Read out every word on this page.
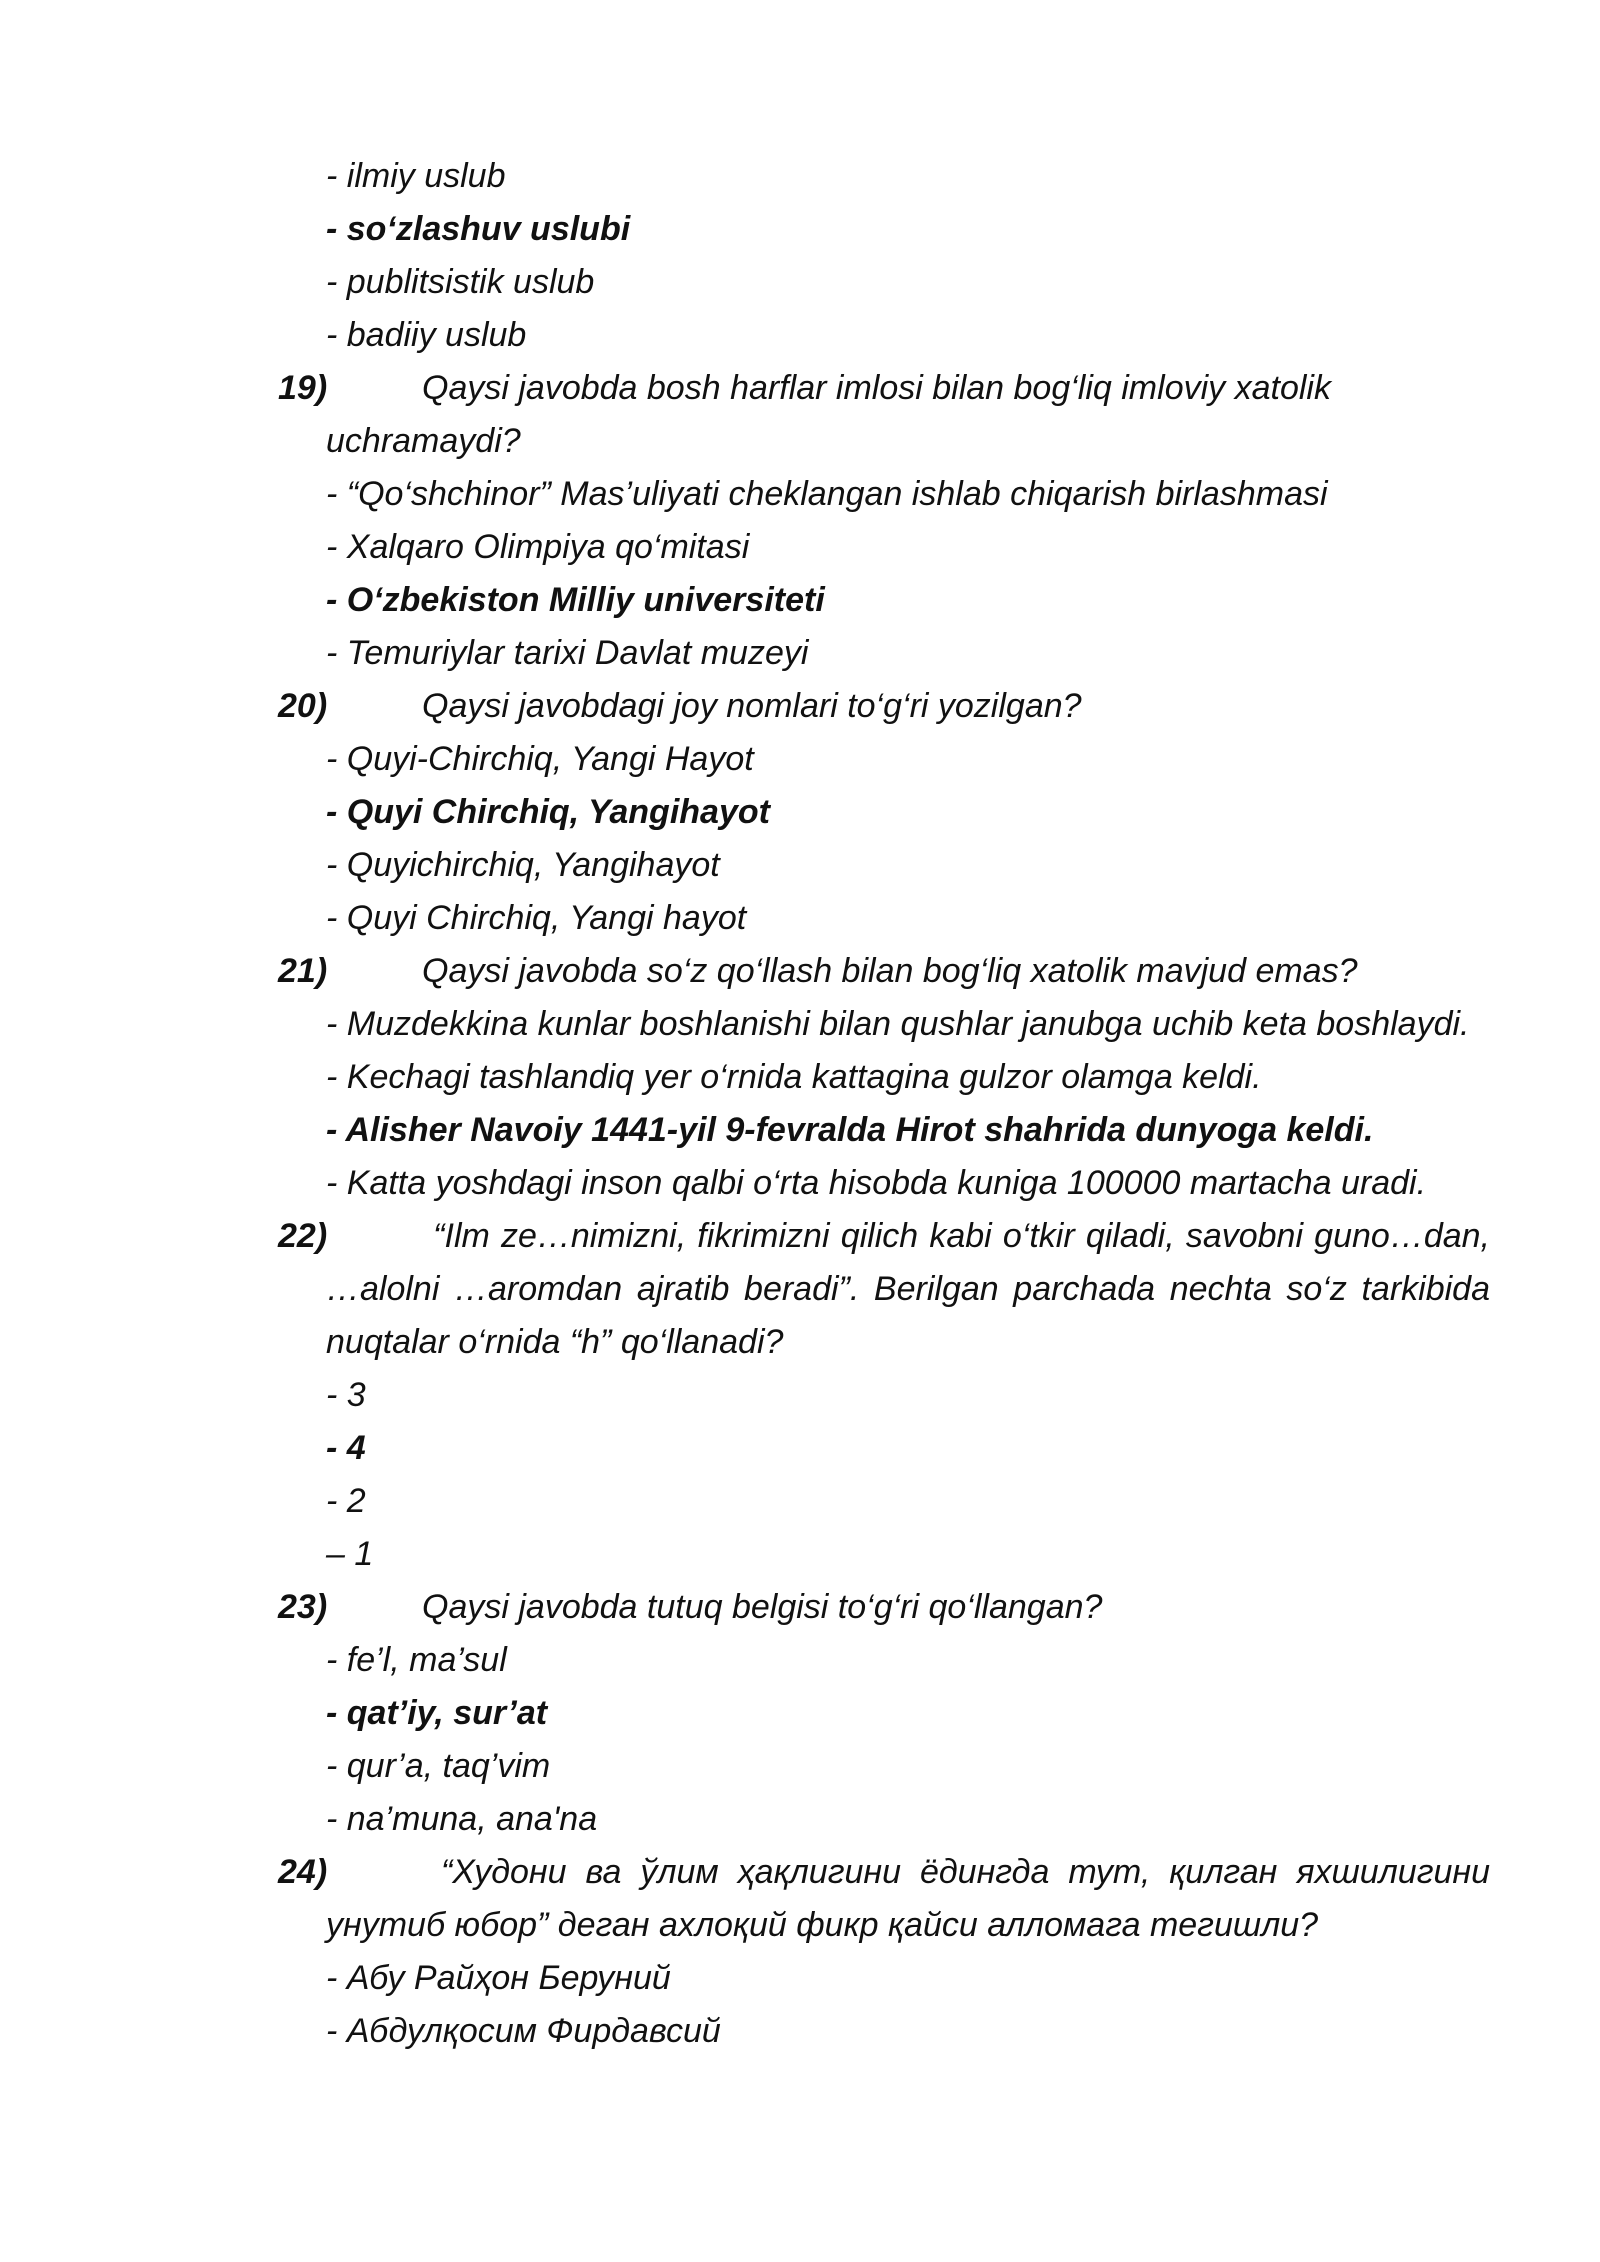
- ilmiy uslub
- so‘zlashuv uslubi
- publitsistik uslub
- badiiy uslub
19)	Qaysi javobda bosh harflar imlosi bilan bog‘liq imloviy xatolik
uchramaydi?
- “Qo‘shchinor” Mas’uliyati cheklangan ishlab chiqarish birlashmasi
- Xalqaro Olimpiya qo‘mitasi
- O‘zbekiston Milliy universiteti
- Temuriylar tarixi Davlat muzeyi
20)	Qaysi javobdagi joy nomlari to‘g‘ri yozilgan?
- Quyi-Chirchiq, Yangi Hayot
- Quyi Chirchiq, Yangihayot
- Quyichirchiq, Yangihayot
- Quyi Chirchiq, Yangi hayot
21)	Qaysi javobda so‘z qo‘llash bilan bog‘liq xatolik mavjud emas?
- Muzdekkina kunlar boshlanishi bilan qushlar janubga uchib keta boshlaydi.
- Kechagi tashlandiq yer o‘rnida kattagina gulzor olamga keldi.
- Alisher Navoiy 1441-yil 9-fevralda Hirot shahrida dunyoga keldi.
- Katta yoshdagi inson qalbi o‘rta hisobda kuniga 100000 martacha uradi.
22)	“Ilm ze…nimizni, fikrimizni qilich kabi o‘tkir qiladi, savobni guno…dan, …alolni …aromdan ajratib beradi”. Berilgan parchada nechta so‘z tarkibida nuqtalar o‘rnida “h” qo‘llanadi?
- 3
- 4
- 2
– 1
23)	Qaysi javobda tutuq belgisi to‘g‘ri qo‘llangan?
- fe’l, ma’sul
- qat’iy, sur’at
- qur’a, taq’vim
- na’muna, ana'na
24)	“Худони ва ўлим ҳақлигини ёдингда тут, қилган яхшилигини унутиб юбор” деган ахлоқий фикр қайси алломага тегишли?
- Абу Райҳон Беруний
- Абдулқосим Фирдавсий
